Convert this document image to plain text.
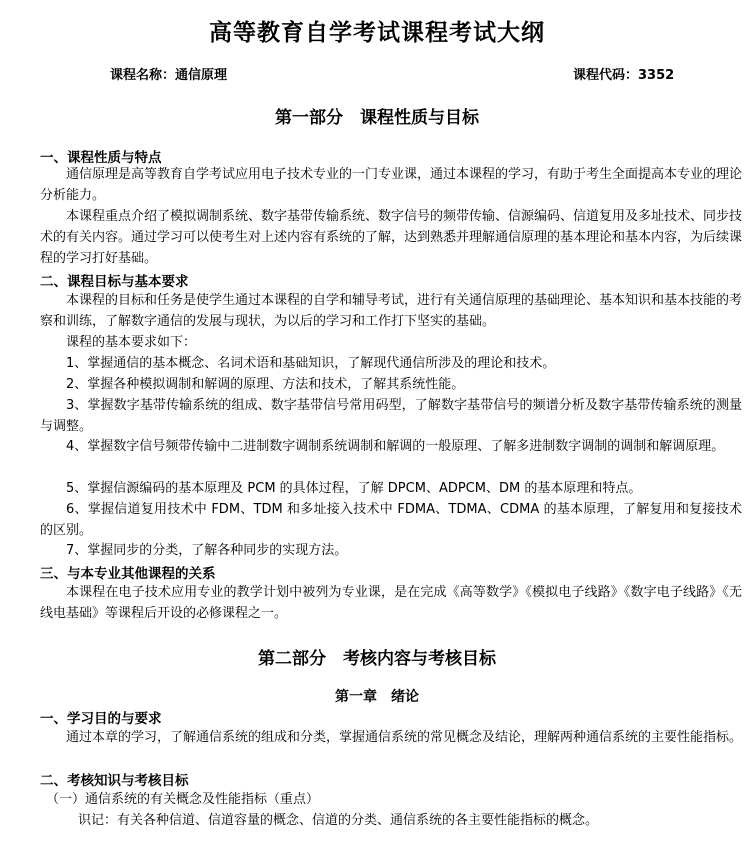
高等教育自学考试课程考试大纲
课程名称：通信原理	课程代码：3352
第一部分　课程性质与目标
一、课程性质与特点
通信原理是高等教育自学考试应用电子技术专业的一门专业课，通过本课程的学习，有助于考生全面提高本专业的理论分析能力。
本课程重点介绍了模拟调制系统、数字基带传输系统、数字信号的频带传输、信源编码、信道复用及多址技术、同步技术的有关内容。通过学习可以使考生对上述内容有系统的了解，达到熟悉并理解通信原理的基本理论和基本内容，为后续课程的学习打好基础。
二、课程目标与基本要求
本课程的目标和任务是使学生通过本课程的自学和辅导考试，进行有关通信原理的基础理论、基本知识和基本技能的考察和训练，了解数字通信的发展与现状，为以后的学习和工作打下坚实的基础。
课程的基本要求如下：
1、掌握通信的基本概念、名词术语和基础知识，了解现代通信所涉及的理论和技术。
2、掌握各种模拟调制和解调的原理、方法和技术，了解其系统性能。
3、掌握数字基带传输系统的组成、数字基带信号常用码型，了解数字基带信号的频谱分析及数字基带传输系统的测量与调整。
4、掌握数字信号频带传输中二进制数字调制系统调制和解调的一般原理、了解多进制数字调制的调制和解调原理。
5、掌握信源编码的基本原理及 PCM 的具体过程，了解 DPCM、ADPCM、DM 的基本原理和特点。
6、掌握信道复用技术中 FDM、TDM 和多址接入技术中 FDMA、TDMA、CDMA 的基本原理，了解复用和复接技术的区别。
7、掌握同步的分类，了解各种同步的实现方法。
三、与本专业其他课程的关系
本课程在电子技术应用专业的教学计划中被列为专业课，是在完成《高等数学》《模拟电子线路》《数字电子线路》《无线电基础》等课程后开设的必修课程之一。
第二部分　考核内容与考核目标
第一章　绪论
一、学习目的与要求
通过本章的学习，了解通信系统的组成和分类，掌握通信系统的常见概念及结论，理解两种通信系统的主要性能指标。
二、考核知识与考核目标
（一）通信系统的有关概念及性能指标（重点）
识记：有关各种信道、信道容量的概念、信道的分类、通信系统的各主要性能指标的概念。
